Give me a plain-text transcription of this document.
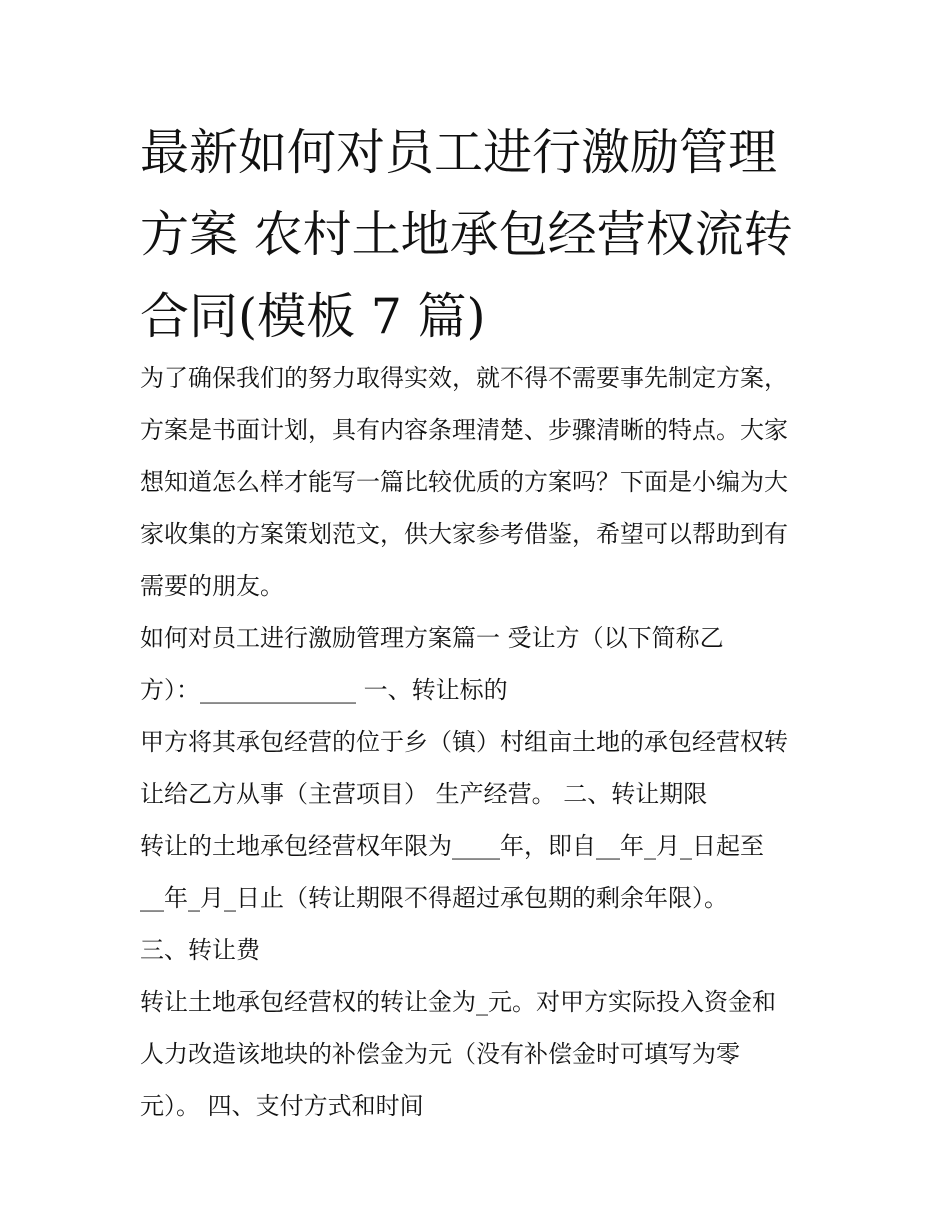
最新如何对员工进行激励管理
方案 农村土地承包经营权流转
合同(模板 7 篇)
为了确保我们的努力取得实效，就不得不需要事先制定方案，
方案是书面计划，具有内容条理清楚、步骤清晰的特点。大家
想知道怎么样才能写一篇比较优质的方案吗？下面是小编为大
家收集的方案策划范文，供大家参考借鉴，希望可以帮助到有
需要的朋友。
如何对员工进行激励管理方案篇一 受让方（以下简称乙
方）：_____________ 一、转让标的
甲方将其承包经营的位于乡（镇）村组亩土地的承包经营权转
让给乙方从事（主营项目） 生产经营。 二、转让期限
转让的土地承包经营权年限为____年，即自__年_月_日起至
__年_月_日止（转让期限不得超过承包期的剩余年限）。
三、转让费
转让土地承包经营权的转让金为_元。对甲方实际投入资金和
人力改造该地块的补偿金为元（没有补偿金时可填写为零
元）。 四、支付方式和时间
